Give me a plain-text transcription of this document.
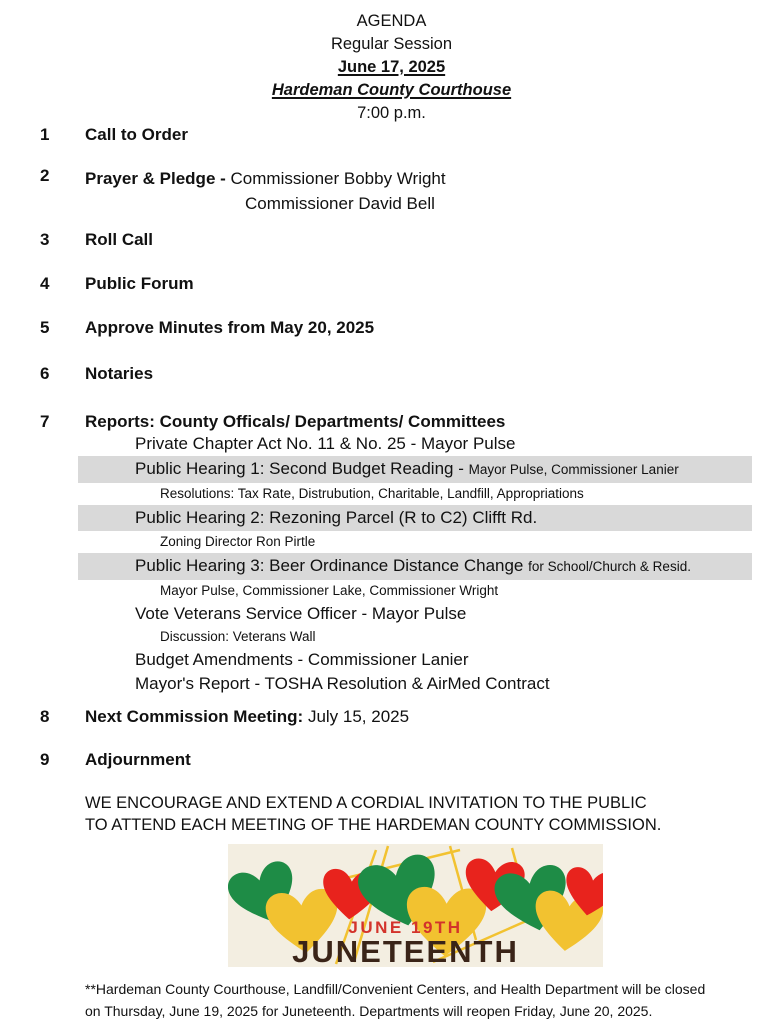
AGENDA
Regular Session
June 17, 2025
Hardeman County Courthouse
7:00 p.m.
1	Call to Order
2	Prayer & Pledge - Commissioner Bobby Wright
Commissioner David Bell
3	Roll Call
4	Public Forum
5	Approve Minutes from May 20, 2025
6	Notaries
7	Reports: County Officals/ Departments/ Committees
Private Chapter Act No. 11 & No. 25 - Mayor Pulse
Public Hearing 1: Second Budget Reading - Mayor Pulse, Commissioner Lanier
Resolutions: Tax Rate, Distrubution, Charitable, Landfill, Appropriations
Public Hearing 2: Rezoning Parcel (R to C2) Clifft Rd.
Zoning Director Ron Pirtle
Public Hearing 3: Beer Ordinance Distance Change for School/Church & Resid.
Mayor Pulse, Commissioner Lake, Commissioner Wright
Vote Veterans Service Officer - Mayor Pulse
Discussion: Veterans Wall
Budget Amendments - Commissioner Lanier
Mayor's Report - TOSHA Resolution & AirMed Contract
8	Next Commission Meeting: July 15, 2025
9	Adjournment
WE ENCOURAGE AND EXTEND A CORDIAL INVITATION TO THE PUBLIC
TO ATTEND EACH MEETING OF THE HARDEMAN COUNTY COMMISSION.
JUNE 19TH
JUNETEENTH
**Hardeman County Courthouse, Landfill/Convenient Centers, and Health Department will be closed
on Thursday, June 19, 2025 for Juneteenth. Departments will reopen Friday, June 20, 2025.
